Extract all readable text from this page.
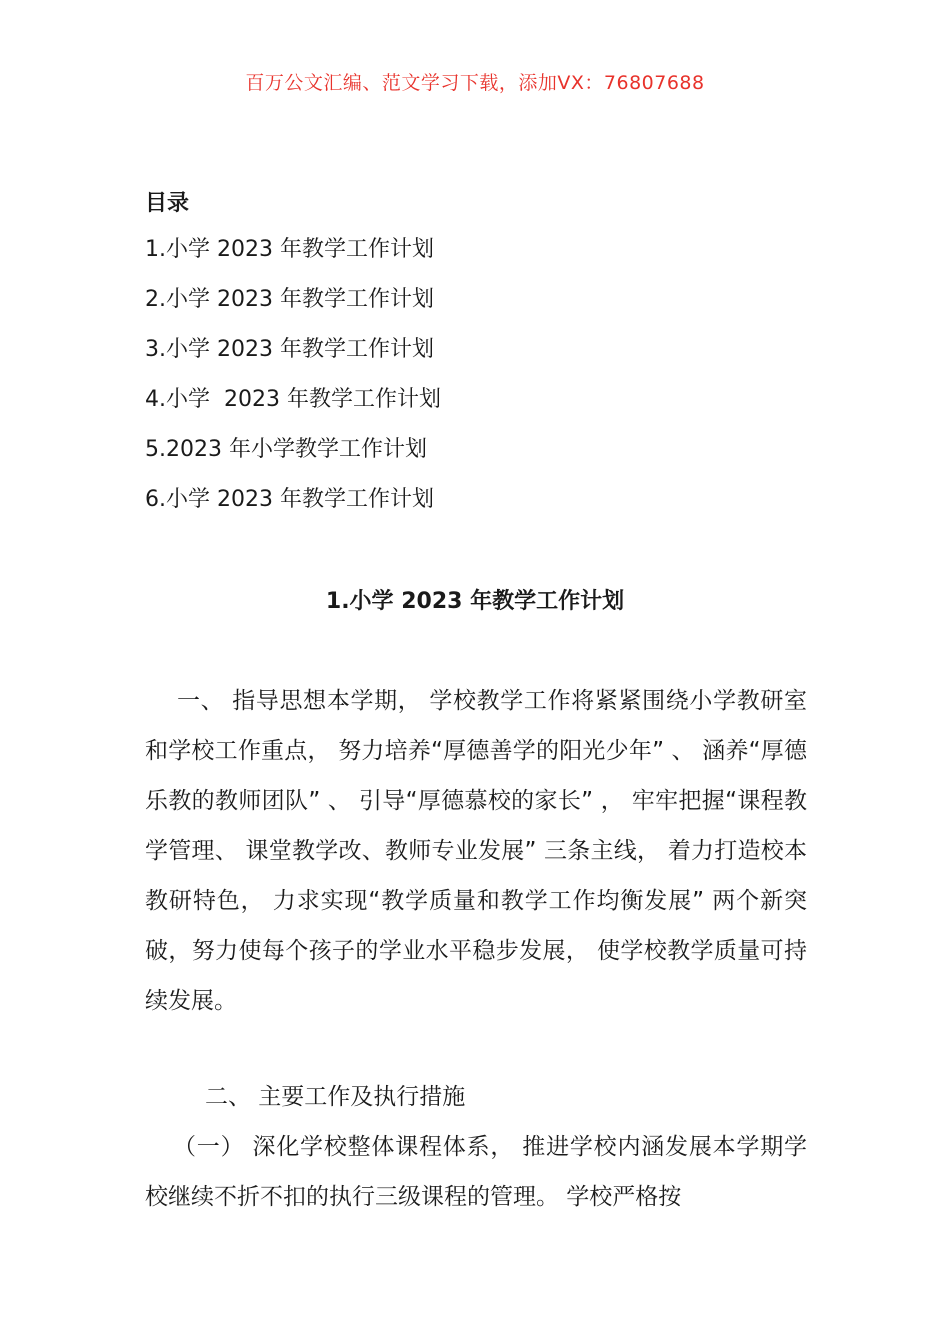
百万公文汇编、范文学习下载，添加VX：76807688
目录
1.小学 2023 年教学工作计划
2.小学 2023 年教学工作计划
3.小学 2023 年教学工作计划
4.小学  2023 年教学工作计划
5.2023 年小学教学工作计划
6.小学 2023 年教学工作计划
1.小学 2023 年教学工作计划

一、 指导思想本学期， 学校教学工作将紧紧围绕小学教研室和学校工作重点， 努力培养“厚德善学的阳光少年” 、 涵养“厚德乐教的教师团队” 、 引导“厚德慕校的家长” ， 牢牢把握“课程教学管理、 课堂教学改、教师专业发展” 三条主线， 着力打造校本教研特色， 力求实现“教学质量和教学工作均衡发展” 两个新突破，努力使每个孩子的学业水平稳步发展， 使学校教学质量可持续发展。

二、 主要工作及执行措施

（一） 深化学校整体课程体系， 推进学校内涵发展本学期学校继续不折不扣的执行三级课程的管理。 学校严格按
